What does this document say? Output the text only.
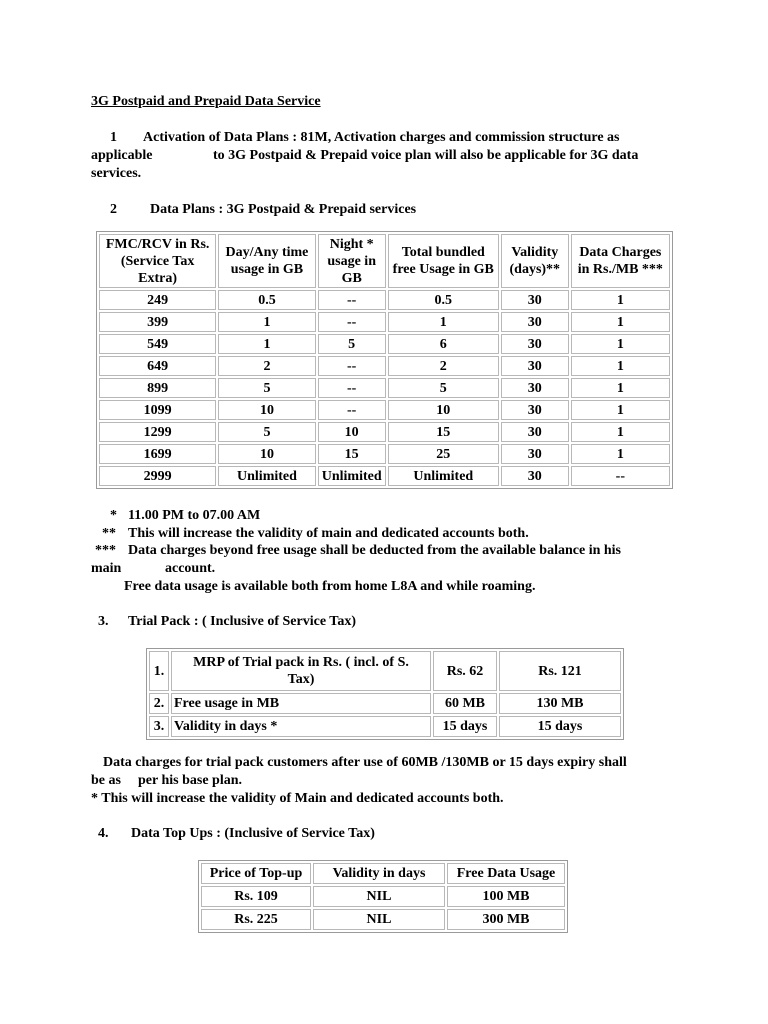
3G Postpaid and Prepaid Data Service
1 Activation of Data Plans : 81M, Activation charges and commission structure as
applicable	to 3G Postpaid & Prepaid voice plan will also be applicable for 3G data
services.
2 Data Plans : 3G Postpaid & Prepaid services
FMC/RCV in Rs.
(Service Tax
Extra)	Day/Any time
usage in GB	Night *
usage in
GB	Total bundled
free Usage in GB	Validity
(days)**	Data Charges
in Rs./MB ***
249	0.5	--	0.5	30	1
399	1	--	1	30	1
549	1	5	6	30	1
649	2	--	2	30	1
899	5	--	5	30	1
1099	10	--	10	30	1
1299	5	10	15	30	1
1699	10	15	25	30	1
2999	Unlimited	Unlimited	Unlimited	30	--
* 11.00 PM to 07.00 AM
** This will increase the validity of main and dedicated accounts both.
*** Data charges beyond free usage shall be deducted from the available balance in his
main	account.
Free data usage is available both from home L8A and while roaming.
3. Trial Pack : ( Inclusive of Service Tax)
1.	MRP of Trial pack in Rs. ( incl. of S.
Tax)	Rs. 62	Rs. 121
2.	Free usage in MB	60 MB	130 MB
3.	Validity in days *	15 days	15 days
Data charges for trial pack customers after use of 60MB /130MB or 15 days expiry shall
be as per his base plan.
* This will increase the validity of Main and dedicated accounts both.
4. Data Top Ups : (Inclusive of Service Tax)
Price of Top-up	Validity in days	Free Data Usage
Rs. 109	NIL	100 MB
Rs. 225	NIL	300 MB
